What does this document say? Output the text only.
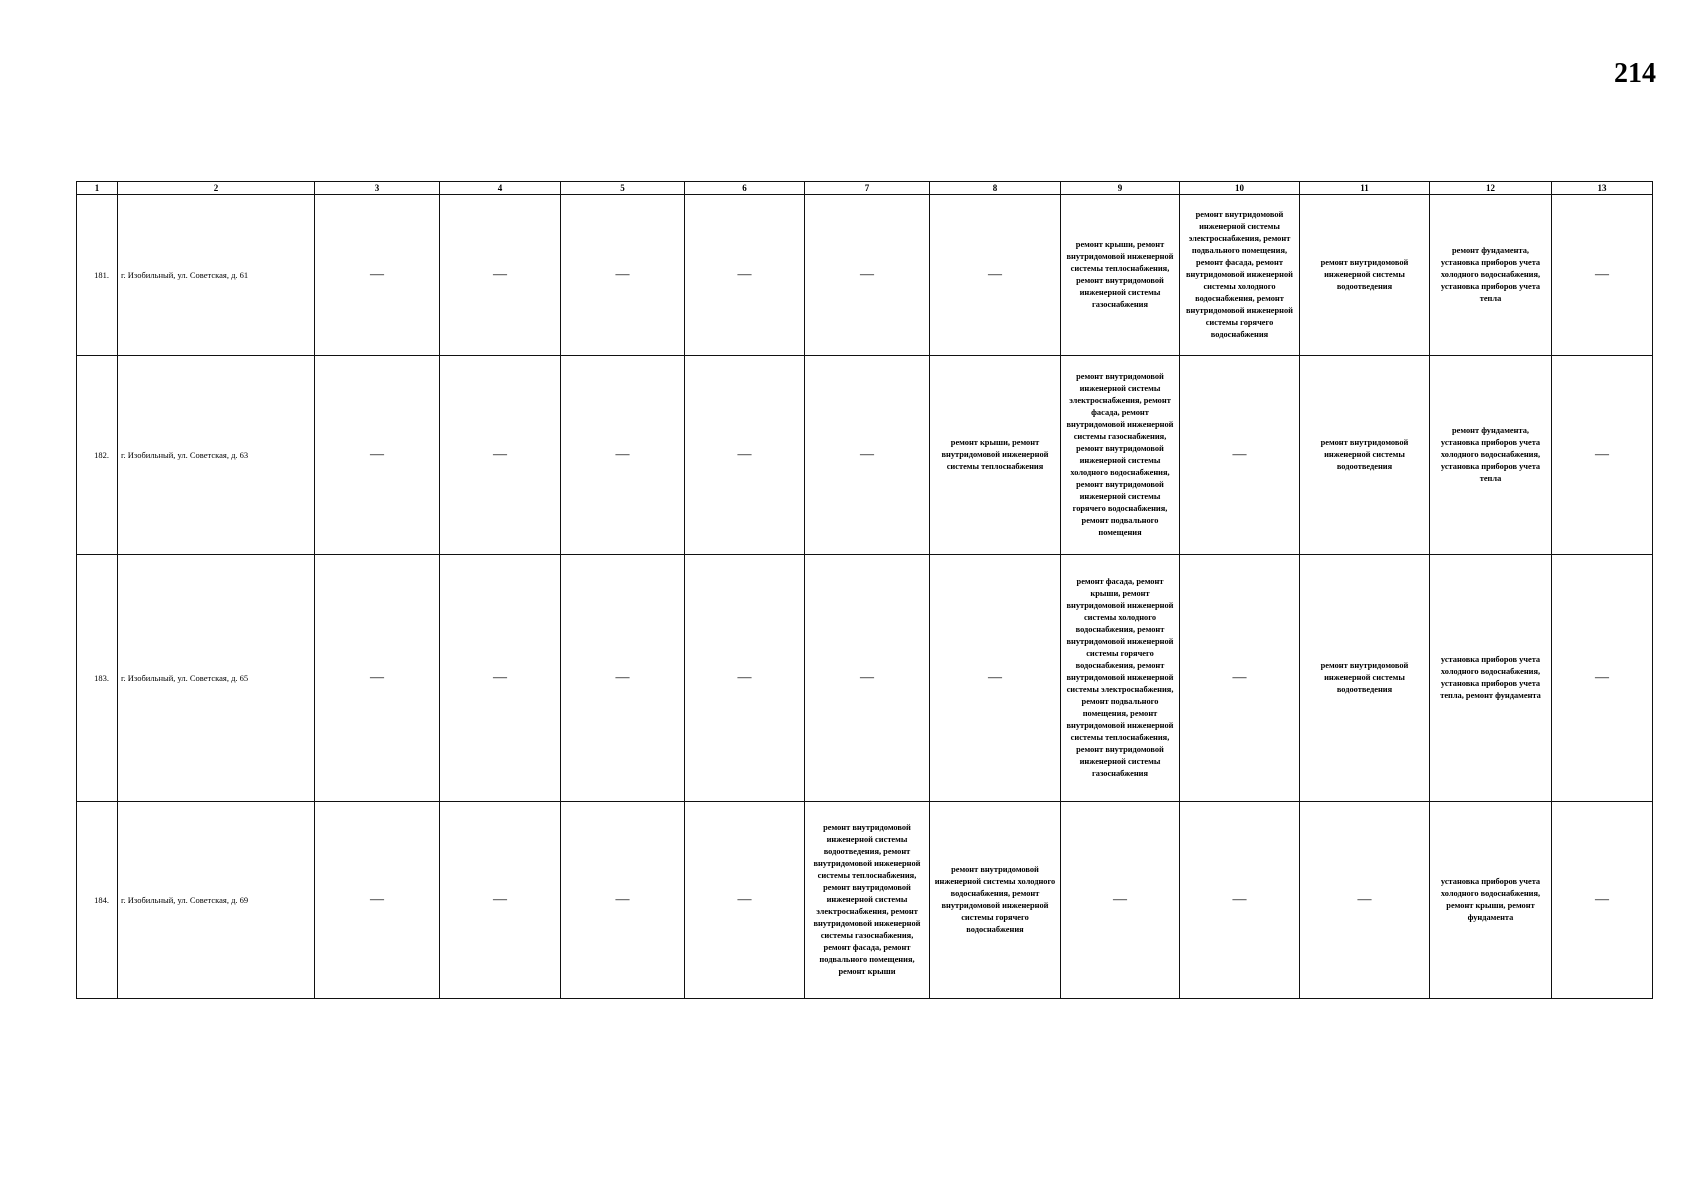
214
1	2	3	4	5	6	7	8	9	10	11	12	13
181.	г. Изобильный, ул. Советская, д. 61	—	—	—	—	—	—	ремонт крыши, ремонт внутридомовой инженерной системы теплоснабжения, ремонт внутридомовой инженерной системы газоснабжения	ремонт внутридомовой инженерной системы электроснабжения, ремонт подвального помещения, ремонт фасада, ремонт внутридомовой инженерной системы холодного водоснабжения, ремонт внутридомовой инженерной системы горячего водоснабжения	ремонт внутридомовой инженерной системы водоотведения	ремонт фундамента, установка приборов учета холодного водоснабжения, установка приборов учета тепла	—
182.	г. Изобильный, ул. Советская, д. 63	—	—	—	—	—	ремонт крыши, ремонт внутридомовой инженерной системы теплоснабжения	ремонт внутридомовой инженерной системы электроснабжения, ремонт фасада, ремонт внутридомовой инженерной системы газоснабжения, ремонт внутридомовой инженерной системы холодного водоснабжения, ремонт внутридомовой инженерной системы горячего водоснабжения, ремонт подвального помещения	—	ремонт внутридомовой инженерной системы водоотведения	ремонт фундамента, установка приборов учета холодного водоснабжения, установка приборов учета тепла	—
183.	г. Изобильный, ул. Советская, д. 65	—	—	—	—	—	—	ремонт фасада, ремонт крыши, ремонт внутридомовой инженерной системы холодного водоснабжения, ремонт внутридомовой инженерной системы горячего водоснабжения, ремонт внутридомовой инженерной системы электроснабжения, ремонт подвального помещения, ремонт внутридомовой инженерной системы теплоснабжения, ремонт внутридомовой инженерной системы газоснабжения	—	ремонт внутридомовой инженерной системы водоотведения	установка приборов учета холодного водоснабжения, установка приборов учета тепла, ремонт фундамента	—
184.	г. Изобильный, ул. Советская, д. 69	—	—	—	—	ремонт внутридомовой инженерной системы водоотведения, ремонт внутридомовой инженерной системы теплоснабжения, ремонт внутридомовой инженерной системы электроснабжения, ремонт внутридомовой инженерной системы газоснабжения, ремонт фасада, ремонт подвального помещения, ремонт крыши	ремонт внутридомовой инженерной системы холодного водоснабжения, ремонт внутридомовой инженерной системы горячего водоснабжения	—	—	—	установка приборов учета холодного водоснабжения, ремонт крыши, ремонт фундамента	—
